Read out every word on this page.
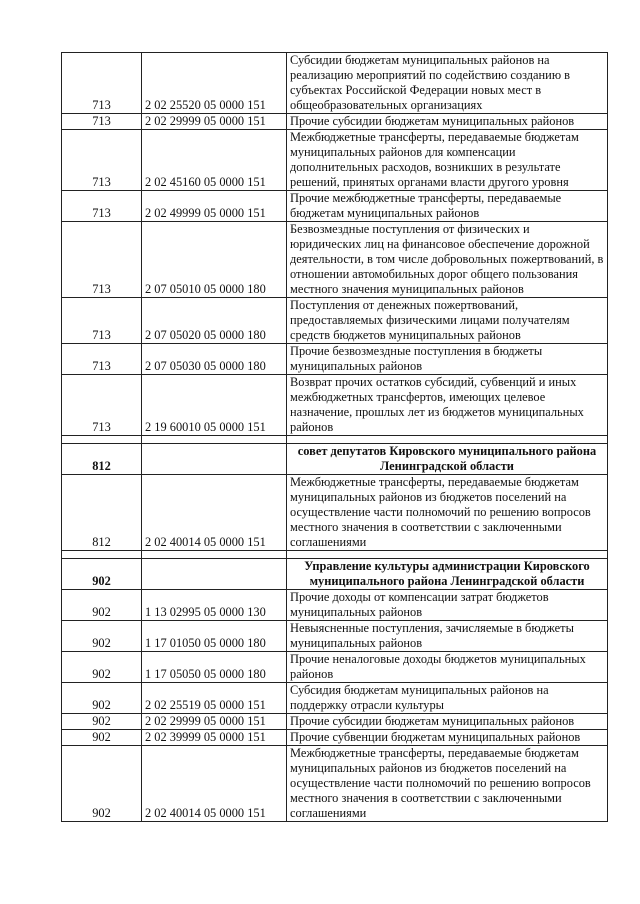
713	2 02 25520 05 0000 151	Субсидии бюджетам муниципальных районов на реализацию мероприятий по содействию созданию в субъектах Российской Федерации новых мест в общеобразовательных организациях
713	2 02 29999 05 0000 151	Прочие субсидии бюджетам муниципальных районов
713	2 02 45160 05 0000 151	Межбюджетные трансферты, передаваемые бюджетам муниципальных районов для компенсации дополнительных расходов, возникших в результате решений, принятых органами власти другого уровня
713	2 02 49999 05 0000 151	Прочие межбюджетные трансферты, передаваемые бюджетам муниципальных районов
713	2 07 05010 05 0000 180	Безвозмездные поступления от физических и юридических лиц на финансовое обеспечение дорожной деятельности, в том числе добровольных пожертвований, в отношении автомобильных дорог общего пользования местного значения муниципальных районов
713	2 07 05020 05 0000 180	Поступления от денежных пожертвований, предоставляемых физическими лицами получателям средств бюджетов муниципальных районов
713	2 07 05030 05 0000 180	Прочие безвозмездные поступления в бюджеты муниципальных районов
713	2 19 60010 05 0000 151	Возврат прочих остатков субсидий, субвенций и иных межбюджетных трансфертов, имеющих целевое назначение, прошлых лет из бюджетов муниципальных районов

812		совет депутатов Кировского муниципального района Ленинградской области
812	2 02 40014 05 0000 151	Межбюджетные трансферты, передаваемые бюджетам муниципальных районов из бюджетов поселений на осуществление части полномочий по решению вопросов местного значения в соответствии с заключенными соглашениями

902		Управление культуры администрации Кировского муниципального района Ленинградской области
902	1 13 02995 05 0000 130	Прочие доходы от компенсации затрат бюджетов муниципальных районов
902	1 17 01050 05 0000 180	Невыясненные поступления, зачисляемые в бюджеты муниципальных районов
902	1 17 05050 05 0000 180	Прочие неналоговые доходы бюджетов муниципальных районов
902	2 02 25519 05 0000 151	Субсидия бюджетам муниципальных районов на поддержку отрасли культуры
902	2 02 29999 05 0000 151	Прочие субсидии бюджетам муниципальных районов
902	2 02 39999 05 0000 151	Прочие субвенции бюджетам муниципальных районов
902	2 02 40014 05 0000 151	Межбюджетные трансферты, передаваемые бюджетам муниципальных районов из бюджетов поселений на осуществление части полномочий по решению вопросов местного значения в соответствии с заключенными соглашениями
